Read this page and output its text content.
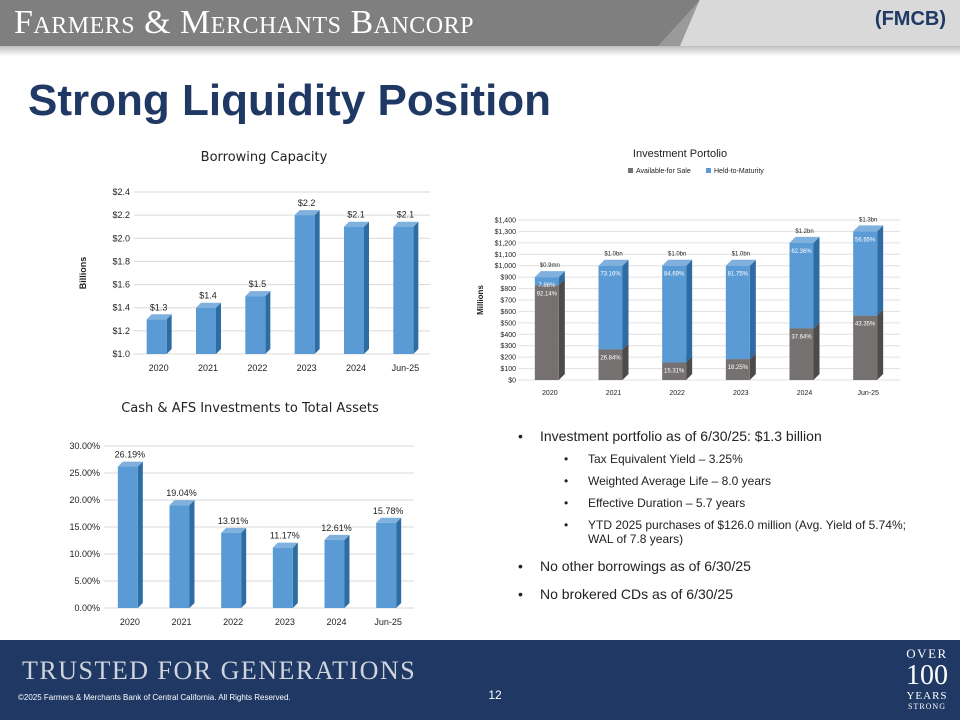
Farmers & Merchants Bancorp	(FMCB)
Strong Liquidity Position
Borrowing Capacity
Billions
$1.0
$1.2
$1.4
$1.6
$1.8
$2.0
$2.2
$2.4
$1.3
2020
$1.4
2021
$1.5
2022
$2.2
2023
$2.1
2024
$2.1
Jun-25
Investment Portolio
Available-for Sale	Held-to-Maturity
Millions
$0
$100
$200
$300
$400
$500
$600
$700
$800
$900
$1,000
$1,100
$1,200
$1,300
$1,400
$0.9mn
7.86%
92.14%
2020
$1.0bn
73.16%
26.84%
2021
$1.0bn
84.69%
15.31%
2022
$1.0bn
81.75%
18.25%
2023
$1.2bn
62.36%
37.64%
2024
$1.3bn
56.65%
43.35%
Jun-25
Cash & AFS Investments to Total Assets
0.00%
5.00%
10.00%
15.00%
20.00%
25.00%
30.00%
26.19%
2020
19.04%
2021
13.91%
2022
11.17%
2023
12.61%
2024
15.78%
Jun-25
• Investment portfolio as of 6/30/25: $1.3 billion
• Tax Equivalent Yield – 3.25%
• Weighted Average Life – 8.0 years
• Effective Duration – 5.7 years
• YTD 2025 purchases of $126.0 million (Avg. Yield of 5.74%; WAL of 7.8 years)
• No other borrowings as of 6/30/25
• No brokered CDs as of 6/30/25
TRUSTED FOR GENERATIONS
©2025 Farmers & Merchants Bank of Central California. All Rights Reserved.	12
OVER
100
YEARS
STRONG
